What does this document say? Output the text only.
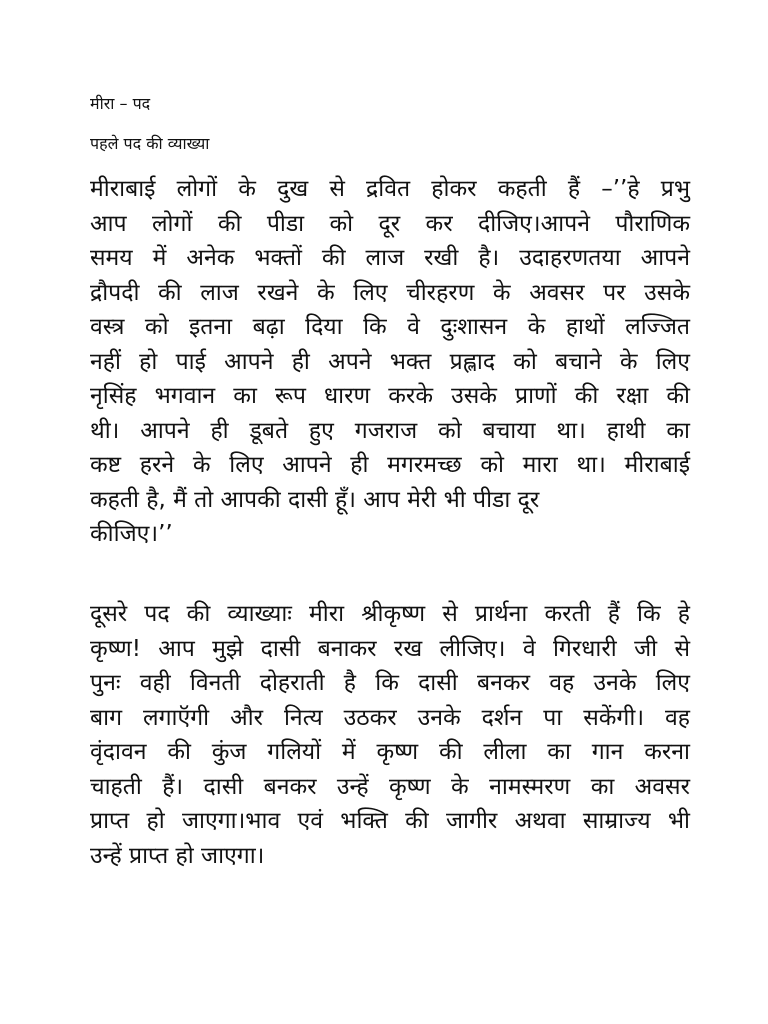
मीरा – पद
पहले पद की व्याख्या
मीराबाई लोगों के दुख से द्रवित होकर कहती हैं –’’हे प्रभु
आप लोगों की पीडा को दूर कर दीजिए।आपने पौराणिक
समय में अनेक भक्तों की लाज रखी है। उदाहरणतया आपने
द्रौपदी की लाज रखने के लिए चीरहरण के अवसर पर उसके
वस्त्र को इतना बढ़ा दिया कि वे दुःशासन के हाथों लज्जित
नहीं हो पाई आपने ही अपने भक्त प्रह्लाद को बचाने के लिए
नृसिंह भगवान का रूप धारण करके उसके प्राणों की रक्षा की
थी। आपने ही डूबते हुए गजराज को बचाया था। हाथी का
कष्ट हरने के लिए आपने ही मगरमच्छ को मारा था। मीराबाई
कहती है, मैं तो आपकी दासी हूँ। आप मेरी भी पीडा दूर
कीजिए।’’
दूसरे पद की व्याख्याः मीरा श्रीकृष्ण से प्रार्थना करती हैं कि हे
कृष्ण! आप मुझे दासी बनाकर रख लीजिए। वे गिरधारी जी से
पुनः वही विनती दोहराती है कि दासी बनकर वह उनके लिए
बाग लगाऍगी और नित्य उठकर उनके दर्शन पा सकेंगी। वह
वृंदावन की कुंज गलियों में कृष्ण की लीला का गान करना
चाहती हैं। दासी बनकर उन्हें कृष्ण के नामस्मरण का अवसर
प्राप्त हो जाएगा।भाव एवं भक्ति की जागीर अथवा साम्राज्य भी
उन्हें प्राप्त हो जाएगा।
